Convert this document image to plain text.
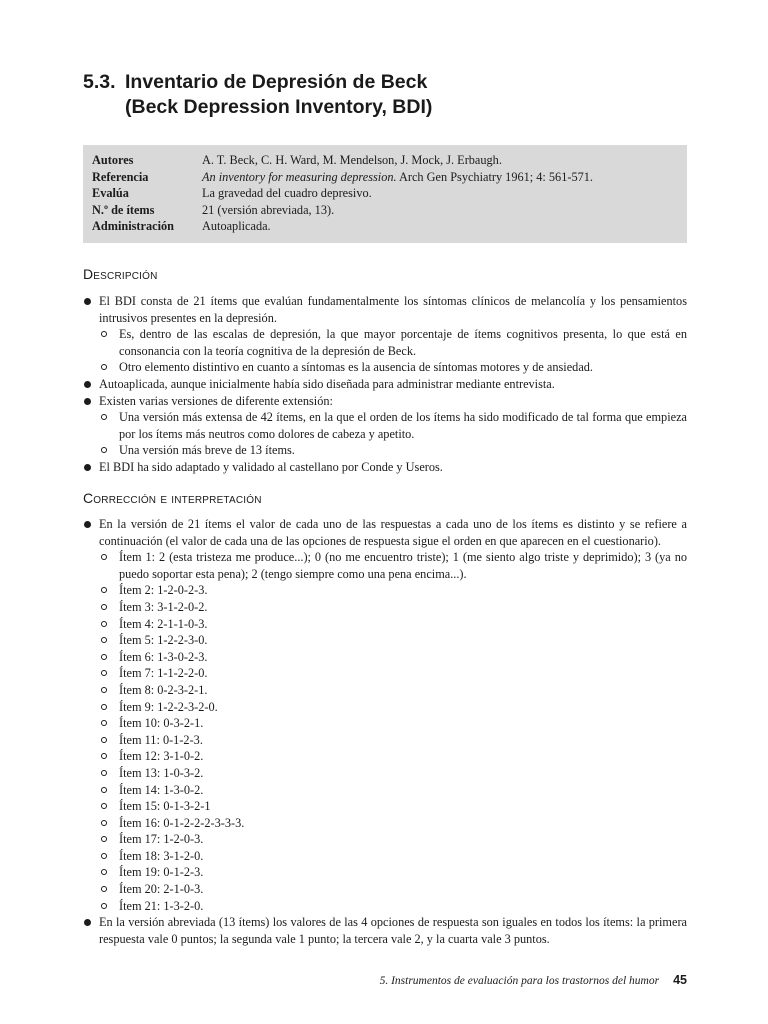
5.3. Inventario de Depresión de Beck
(Beck Depression Inventory, BDI)
Autores	A. T. Beck, C. H. Ward, M. Mendelson, J. Mock, J. Erbaugh.
Referencia	An inventory for measuring depression. Arch Gen Psychiatry 1961; 4: 561-571.
Evalúa	La gravedad del cuadro depresivo.
N.º de ítems	21 (versión abreviada, 13).
Administración	Autoaplicada.
Descripción
El BDI consta de 21 ítems que evalúan fundamentalmente los síntomas clínicos de melancolía y los pensamientos intrusivos presentes en la depresión.
Es, dentro de las escalas de depresión, la que mayor porcentaje de ítems cognitivos presenta, lo que está en consonancia con la teoría cognitiva de la depresión de Beck.
Otro elemento distintivo en cuanto a síntomas es la ausencia de síntomas motores y de ansiedad.
Autoaplicada, aunque inicialmente había sido diseñada para administrar mediante entrevista.
Existen varias versiones de diferente extensión:
Una versión más extensa de 42 ítems, en la que el orden de los ítems ha sido modificado de tal forma que empieza por los ítems más neutros como dolores de cabeza y apetito.
Una versión más breve de 13 ítems.
El BDI ha sido adaptado y validado al castellano por Conde y Useros.
Corrección e interpretación
En la versión de 21 ítems el valor de cada uno de las respuestas a cada uno de los ítems es distinto y se refiere a continuación (el valor de cada una de las opciones de respuesta sigue el orden en que aparecen en el cuestionario).
Ítem 1: 2 (esta tristeza me produce...); 0 (no me encuentro triste); 1 (me siento algo triste y deprimido); 3 (ya no puedo soportar esta pena); 2 (tengo siempre como una pena encima...).
Ítem 2: 1-2-0-2-3.
Ítem 3: 3-1-2-0-2.
Ítem 4: 2-1-1-0-3.
Ítem 5: 1-2-2-3-0.
Ítem 6: 1-3-0-2-3.
Ítem 7: 1-1-2-2-0.
Ítem 8: 0-2-3-2-1.
Ítem 9: 1-2-2-3-2-0.
Ítem 10: 0-3-2-1.
Ítem 11: 0-1-2-3.
Ítem 12: 3-1-0-2.
Ítem 13: 1-0-3-2.
Ítem 14: 1-3-0-2.
Ítem 15: 0-1-3-2-1
Ítem 16: 0-1-2-2-2-3-3-3.
Ítem 17: 1-2-0-3.
Ítem 18: 3-1-2-0.
Ítem 19: 0-1-2-3.
Ítem 20: 2-1-0-3.
Ítem 21: 1-3-2-0.
En la versión abreviada (13 ítems) los valores de las 4 opciones de respuesta son iguales en todos los ítems: la primera respuesta vale 0 puntos; la segunda vale 1 punto; la tercera vale 2, y la cuarta vale 3 puntos.
5. Instrumentos de evaluación para los trastornos del humor 45
